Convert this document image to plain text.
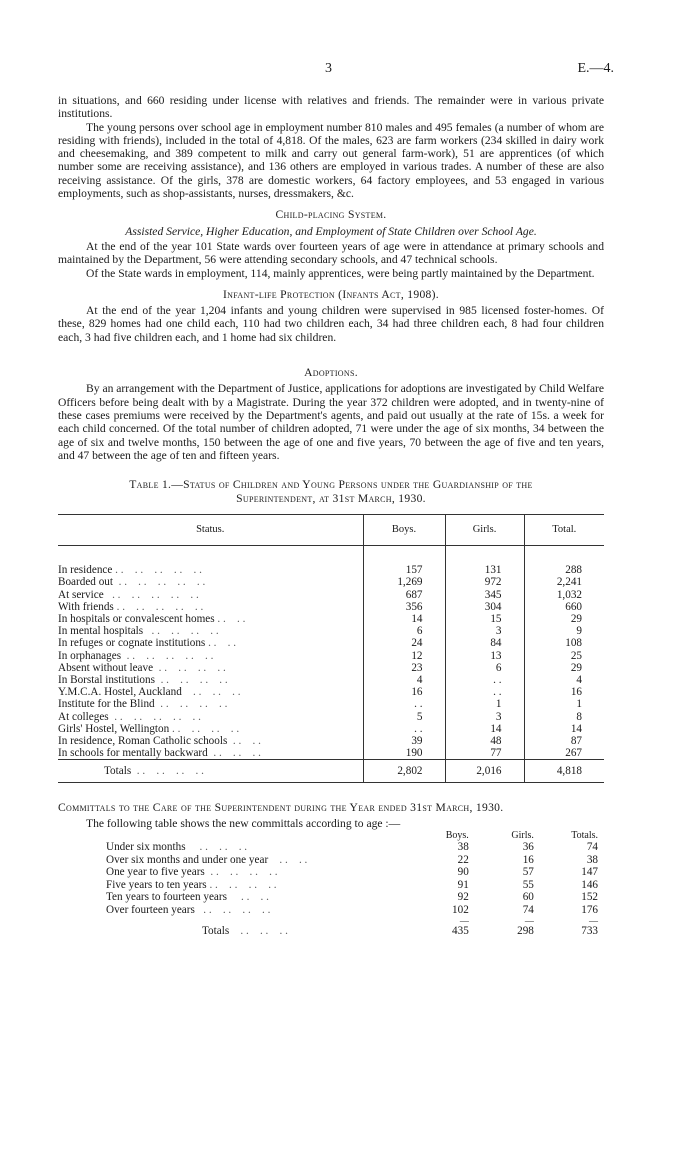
3	E.—4.

in situations, and 660 residing under license with relatives and friends. The remainder were in various private institutions.

The young persons over school age in employment number 810 males and 495 females (a number of whom are residing with friends), included in the total of 4,818. Of the males, 623 are farm workers (234 skilled in dairy work and cheesemaking, and 389 competent to milk and carry out general farm-work), 51 are apprentices (of which number some are receiving assistance), and 136 others are employed in various trades. A number of these are also receiving assistance. Of the girls, 378 are domestic workers, 64 factory employees, and 53 engaged in various employments, such as shop-assistants, nurses, dressmakers, &c.

Child-placing System.
Assisted Service, Higher Education, and Employment of State Children over School Age.

At the end of the year 101 State wards over fourteen years of age were in attendance at primary schools and maintained by the Department, 56 were attending secondary schools, and 47 technical schools.

Of the State wards in employment, 114, mainly apprentices, were being partly maintained by the Department.

Infant-life Protection (Infants Act, 1908).

At the end of the year 1,204 infants and young children were supervised in 985 licensed foster-homes. Of these, 829 homes had one child each, 110 had two children each, 34 had three children each, 8 had four children each, 3 had five children each, and 1 home had six children.

Adoptions.

By an arrangement with the Department of Justice, applications for adoptions are investigated by Child Welfare Officers before being dealt with by a Magistrate. During the year 372 children were adopted, and in twenty-nine of these cases premiums were received by the Department's agents, and paid out usually at the rate of 15s. a week for each child concerned. Of the total number of children adopted, 71 were under the age of six months, 34 between the age of six and twelve months, 150 between the age of one and five years, 70 between the age of five and ten years, and 47 between the age of ten and fifteen years.

Table 1.—Status of Children and Young Persons under the Guardianship of the
Superintendent, at 31st March, 1930.
Status.	Boys.	Girls.	Total.
In residence . .    . .    . .    . .    . .	157	131	288
Boarded out  . .    . .    . .    . .    . .	1,269	972	2,241
At service   . .    . .    . .    . .    . .	687	345	1,032
With friends . .    . .    . .    . .    . .	356	304	660
In hospitals or convalescent homes . .    . .	14	15	29
In mental hospitals   . .    . .    . .    . .	6	3	9
In refuges or cognate institutions . .    . .	24	84	108
In orphanages  . .    . .    . .    . .    . .	12	13	25
Absent without leave  . .    . .    . .    . .	23	6	29
In Borstal institutions  . .    . .    . .    . .	4	. .	4
Y.M.C.A. Hostel, Auckland    . .    . .    . .	16	. .	16
Institute for the Blind  . .    . .    . .    . .	. .	1	1
At colleges  . .    . .    . .    . .    . .	5	3	8
Girls' Hostel, Wellington . .    . .    . .    . .	. .	14	14
In residence, Roman Catholic schools  . .    . .	39	48	87
In schools for mentally backward  . .    . .    . .	190	77	267
Totals  . .    . .    . .    . .	2,802	2,016	4,818
Committals to the Care of the Superintendent during the Year ended 31st March, 1930.

The following table shows the new committals according to age :—

	Boys.	Girls.	Totals.
Under six months     . .    . .    . .	38	36	74
Over six months and under one year    . .    . .	22	16	38
One year to five years  . .    . .    . .    . .	90	57	147
Five years to ten years . .    . .    . .    . .	91	55	146
Ten years to fourteen years     . .    . .	92	60	152
Over fourteen years   . .    . .    . .    . .	102	74	176
	—	—	—
Totals    . .    . .    . .	435	298	733
